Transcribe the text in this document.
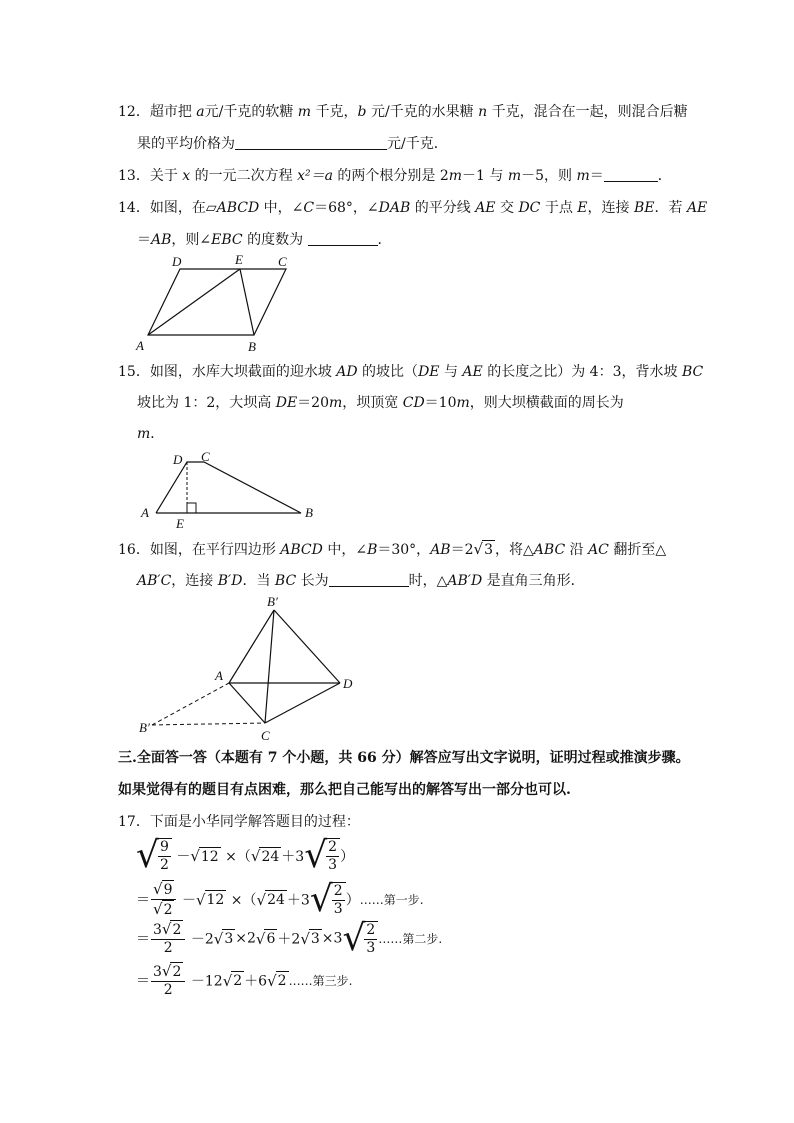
12．超市把 a元/千克的软糖 m 千克，b 元/千克的水果糖 n 千克，混合在一起，则混合后糖
果的平均价格为	元/千克．
13．关于 x 的一元二次方程 x²＝a 的两个根分别是 2m－1 与 m－5，则 m＝	．
14．如图，在▱ABCD 中，∠C＝68°，∠DAB 的平分线 AE 交 DC 于点 E，连接 BE．若 AE
＝AB，则∠EBC 的度数为	．
A	B
C
D	E
15．如图，水库大坝截面的迎水坡 AD 的坡比（DE 与 AE 的长度之比）为 4：3，背水坡 BC
坡比为 1：2，大坝高 DE＝20m，坝顶宽 CD＝10m，则大坝横截面的周长为
m．
A	B
C
D
E
16．如图，在平行四边形 ABCD 中，∠B＝30°，AB＝2√3 ，将△ABC 沿 AC 翻折至△
AB′C，连接 B′D．当 BC 长为	时，△AB′D 是直角三角形．
B′
A
D
B′
C
三.全面答一答（本题有 7 个小题，共 66 分）解答应写出文字说明，证明过程或推演步骤。
如果觉得有的题目有点困难，那么把自己能写出的解答写出一部分也可以.
17．下面是小华同学解答题目的过程：
√ $\frac{9}{2} -√12 \times(√24 +3√ \frac{2}{3}$ ）
＝ $\frac{√9}{√2} -√12 \times(√24 +3√ \frac{2}{3}$ ）……第一步.
＝ $\frac{3√2}{2} -2√3 \times 2√6 +2√3 \times 3√ \frac{2}{3}$ ……第二步.
＝ $\frac{3√2}{2} -12√2 +6√2$ ……第三步.
